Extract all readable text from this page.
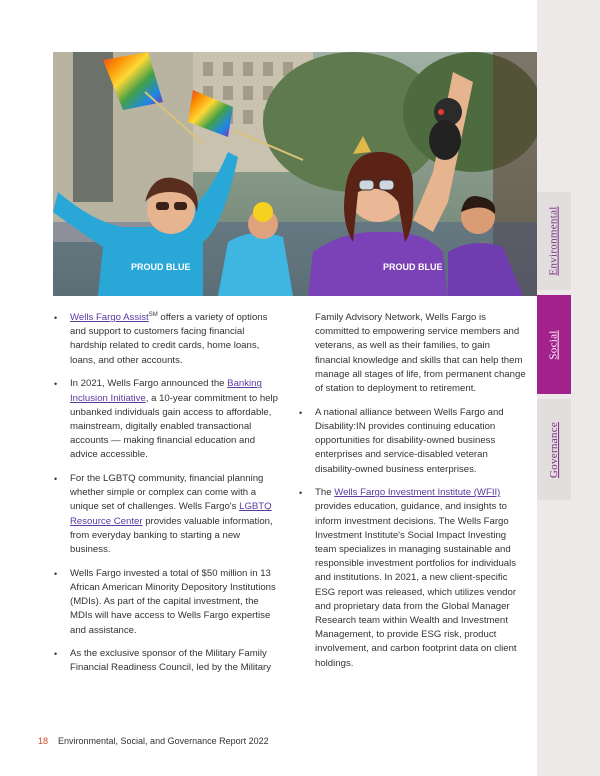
Environmental
Social
Governance
PROUD BLUE	PROUD BLUE
• Wells Fargo Assist℠ offers a variety of options and support to customers facing financial hardship related to credit cards, home loans, loans, and other accounts.
• In 2021, Wells Fargo announced the Banking Inclusion Initiative, a 10-year commitment to help unbanked individuals gain access to affordable, mainstream, digitally enabled transactional accounts — making financial education and advice accessible.
• For the LGBTQ community, financial planning whether simple or complex can come with a unique set of challenges. Wells Fargo's LGBTQ Resource Center provides valuable information, from everyday banking to starting a new business.
• Wells Fargo invested a total of $50 million in 13 African American Minority Depository Institutions (MDIs). As part of the capital investment, the MDIs will have access to Wells Fargo expertise and assistance.
• As the exclusive sponsor of the Military Family Financial Readiness Council, led by the Military
Family Advisory Network, Wells Fargo is committed to empowering service members and veterans, as well as their families, to gain financial knowledge and skills that can help them manage all stages of life, from permanent change of station to deployment to retirement.
• A national alliance between Wells Fargo and Disability:IN provides continuing education opportunities for disability-owned business enterprises and service-disabled veteran disability-owned business enterprises.
• The Wells Fargo Investment Institute (WFII) provides education, guidance, and insights to inform investment decisions. The Wells Fargo Investment Institute's Social Impact Investing team specializes in managing sustainable and responsible investment portfolios for individuals and institutions. In 2021, a new client-specific ESG report was released, which utilizes vendor and proprietary data from the Global Manager Research team within Wealth and Investment Management, to provide ESG risk, product involvement, and carbon footprint data on client holdings.
18 Environmental, Social, and Governance Report 2022
